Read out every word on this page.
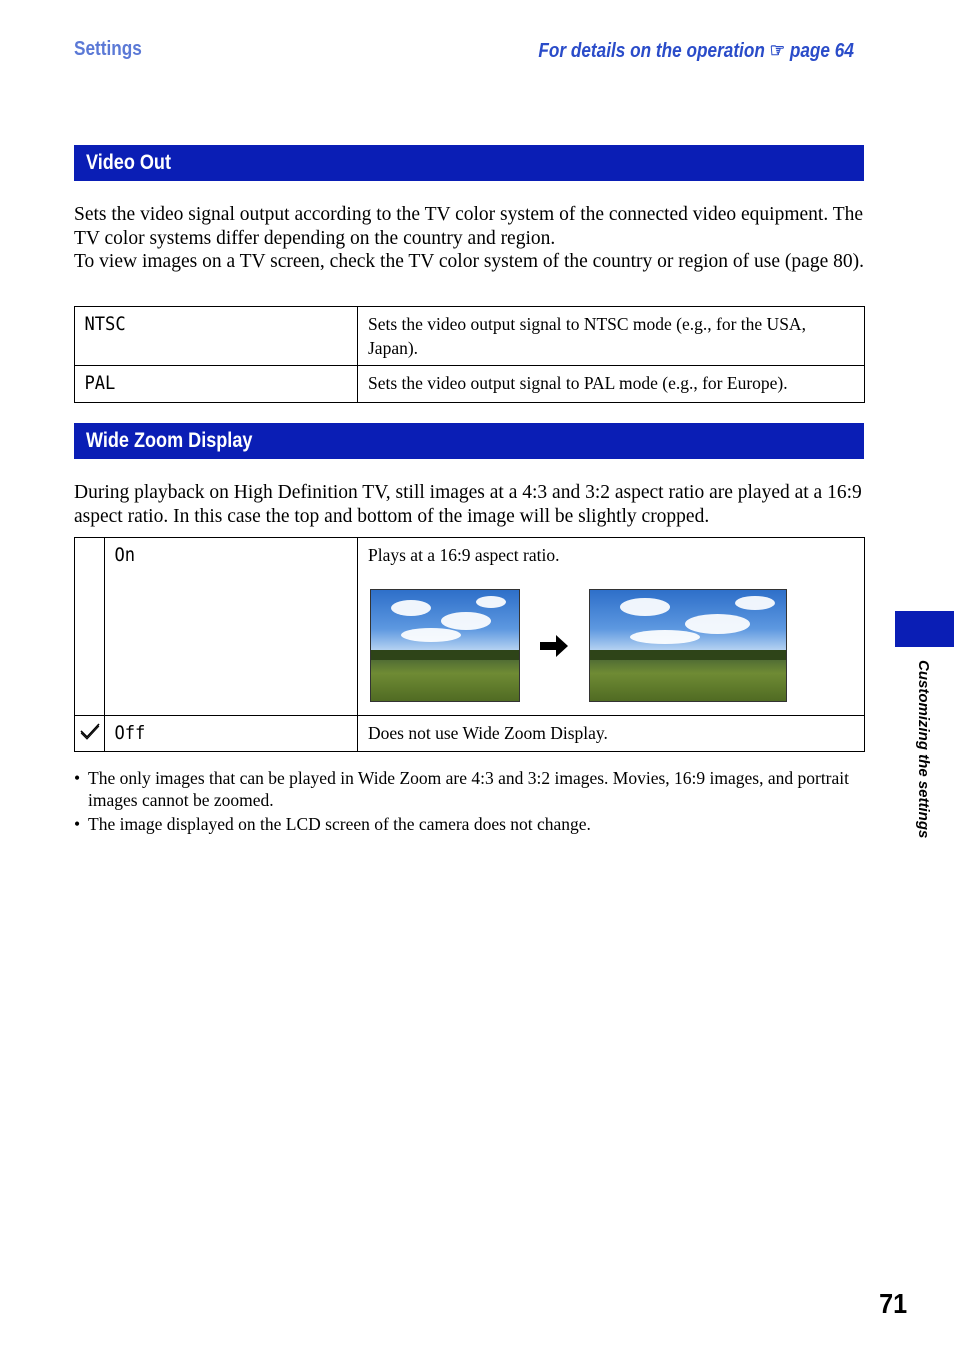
Settings	For details on the operation ☞ page 64
Video Out

Sets the video signal output according to the TV color system of the connected video equipment. The TV color systems differ depending on the country and region.

To view images on a TV screen, check the TV color system of the country or region of use (page 80).

NTSC	Sets the video output signal to NTSC mode (e.g., for the USA, Japan).
PAL	Sets the video output signal to PAL mode (e.g., for Europe).
Wide Zoom Display

During playback on High Definition TV, still images at a 4:3 and 3:2 aspect ratio are played at a 16:9 aspect ratio. In this case the top and bottom of the image will be slightly cropped.

	On	Plays at a 16:9 aspect ratio.
	Off	Does not use Wide Zoom Display.
• The only images that can be played in Wide Zoom are 4:3 and 3:2 images. Movies, 16:9 images, and portrait images cannot be zoomed.
• The image displayed on the LCD screen of the camera does not change.	Customizing the settings
71
